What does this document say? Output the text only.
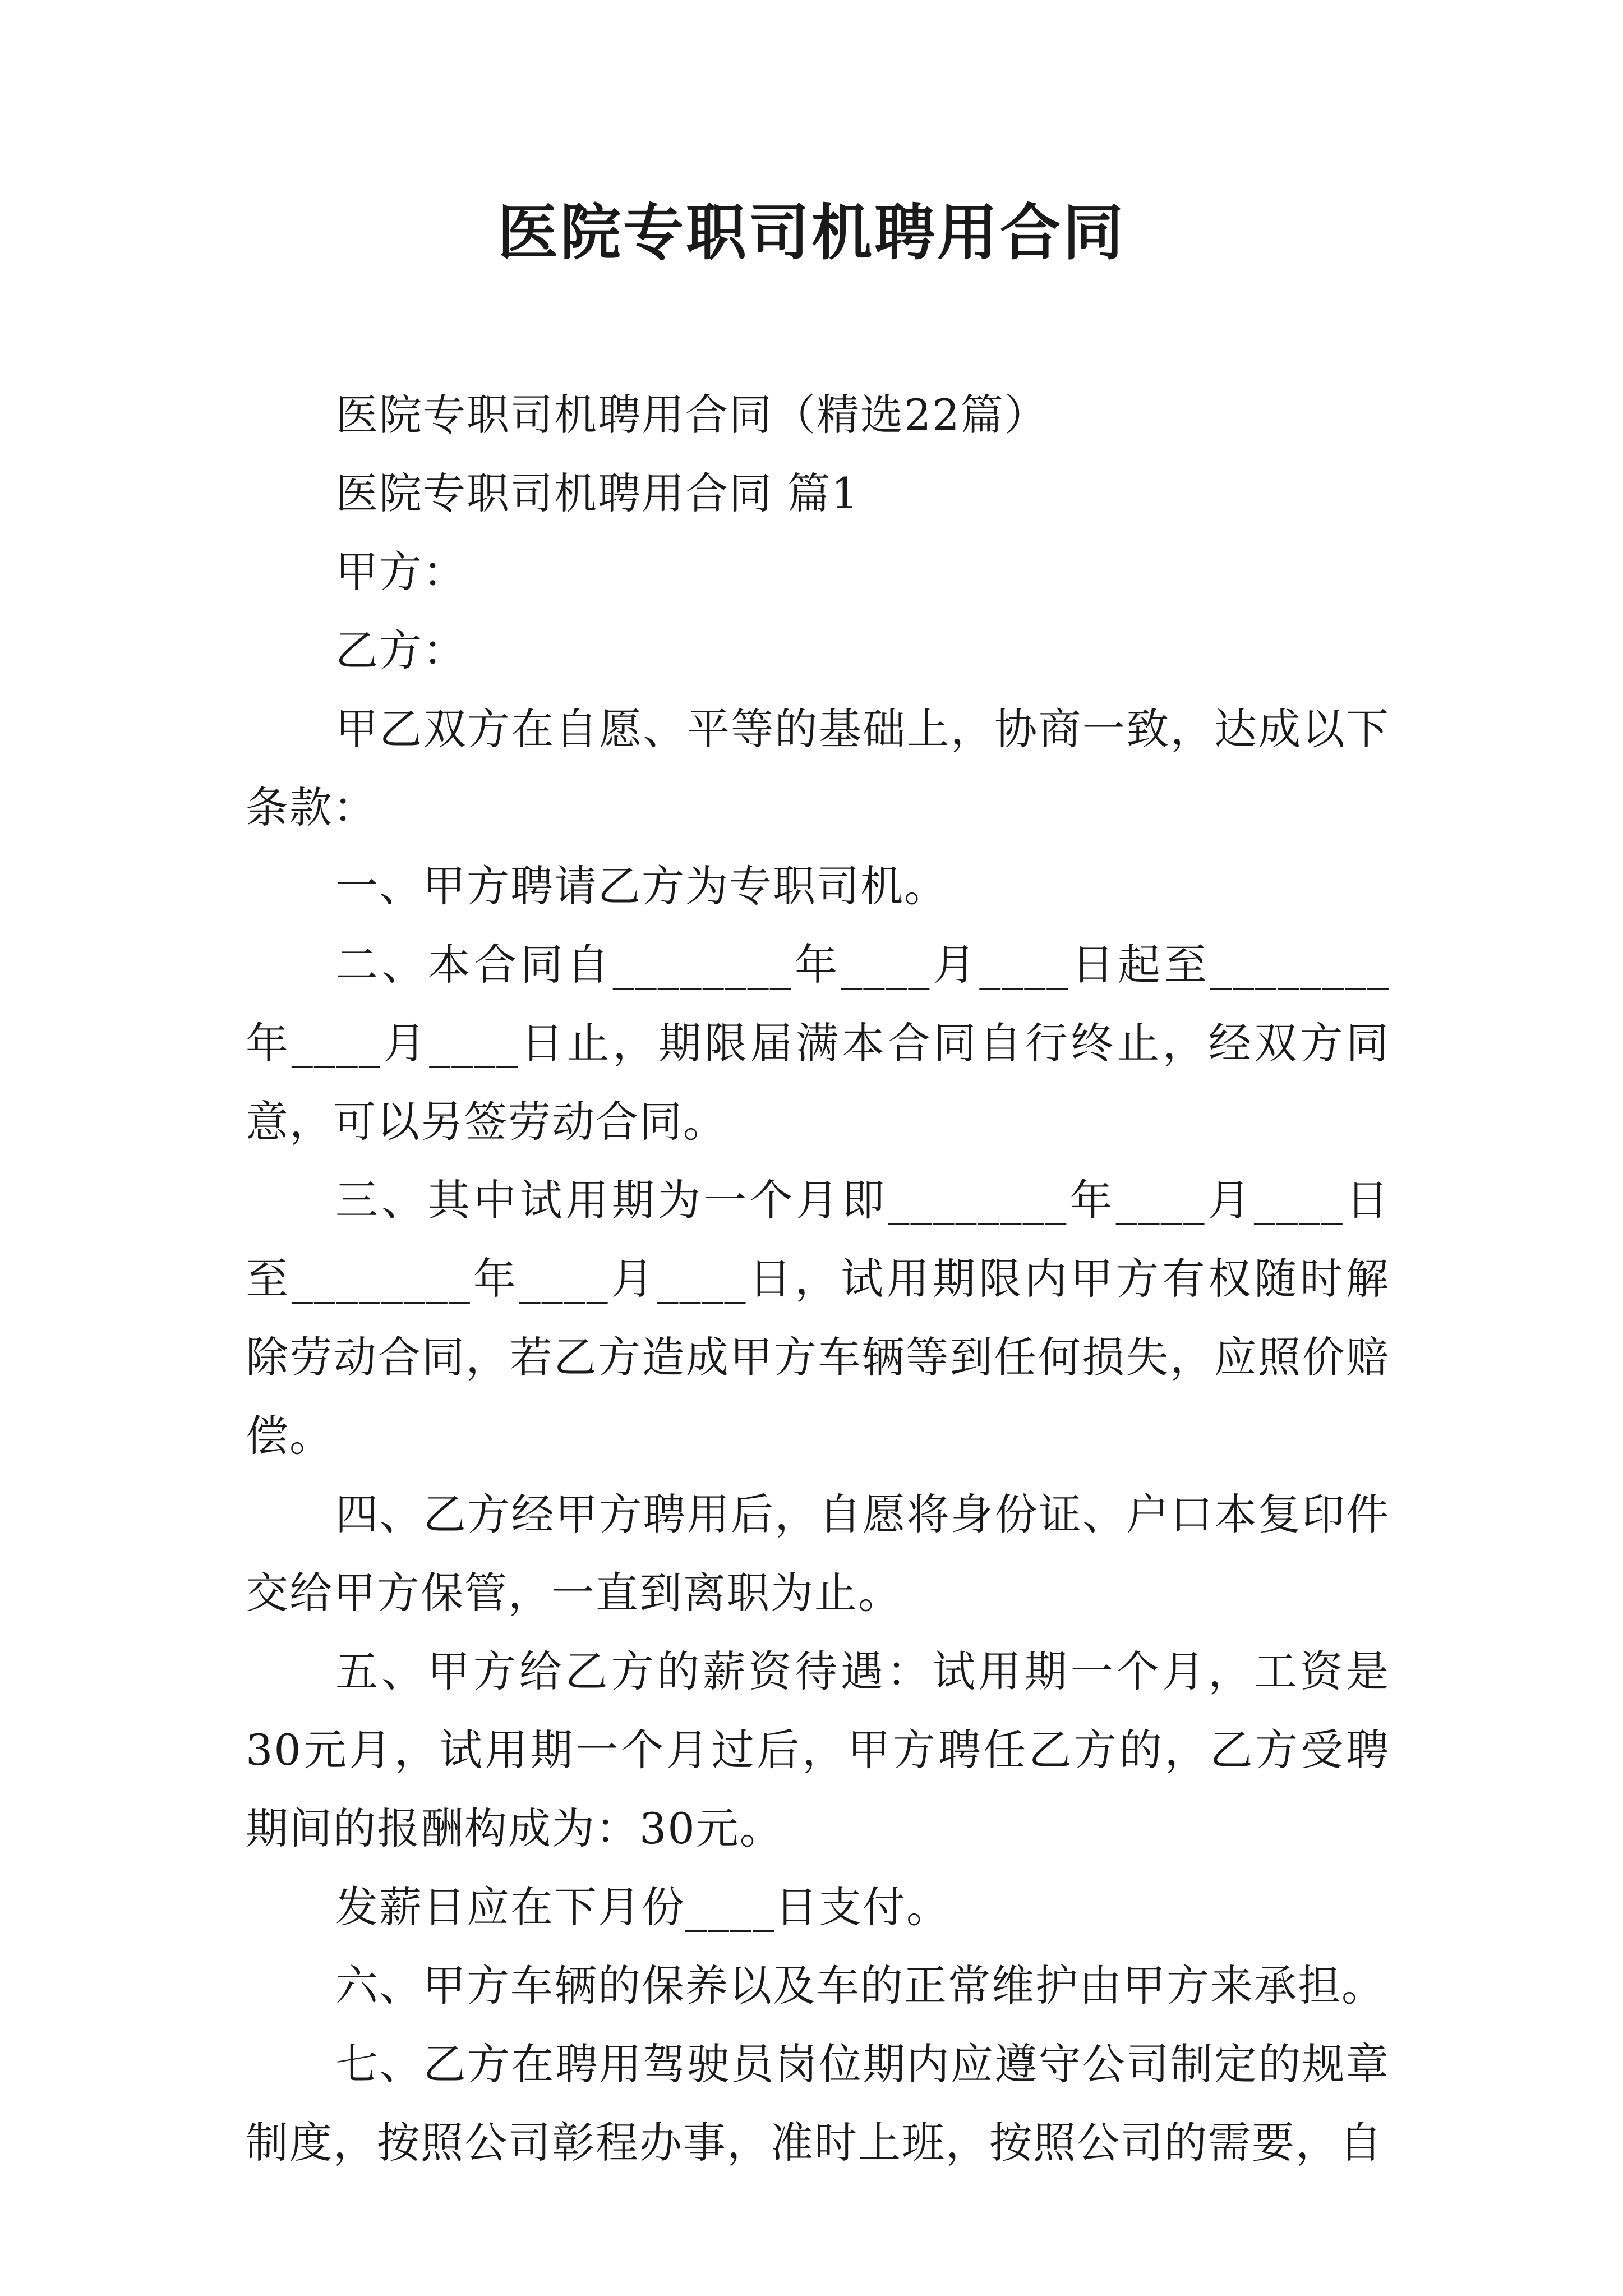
医院专职司机聘用合同

医院专职司机聘用合同（精选22篇）

医院专职司机聘用合同 篇1

甲方：

乙方：

甲乙双方在自愿、平等的基础上，协商一致，达成以下条款：

一、甲方聘请乙方为专职司机。

二、本合同自________年____月____日起至________年____月____日止，期限届满本合同自行终止，经双方同意，可以另签劳动合同。

三、其中试用期为一个月即________年____月____日至________年____月____日，试用期限内甲方有权随时解除劳动合同，若乙方造成甲方车辆等到任何损失，应照价赔偿。

四、乙方经甲方聘用后，自愿将身份证、户口本复印件交给甲方保管，一直到离职为止。

五、甲方给乙方的薪资待遇：试用期一个月，工资是30元月，试用期一个月过后，甲方聘任乙方的，乙方受聘期间的报酬构成为：30元。

发薪日应在下月份____日支付。

六、甲方车辆的保养以及车的正常维护由甲方来承担。

七、乙方在聘用驾驶员岗位期内应遵守公司制定的规章制度，按照公司彰程办事，准时上班，按照公司的需要，自
